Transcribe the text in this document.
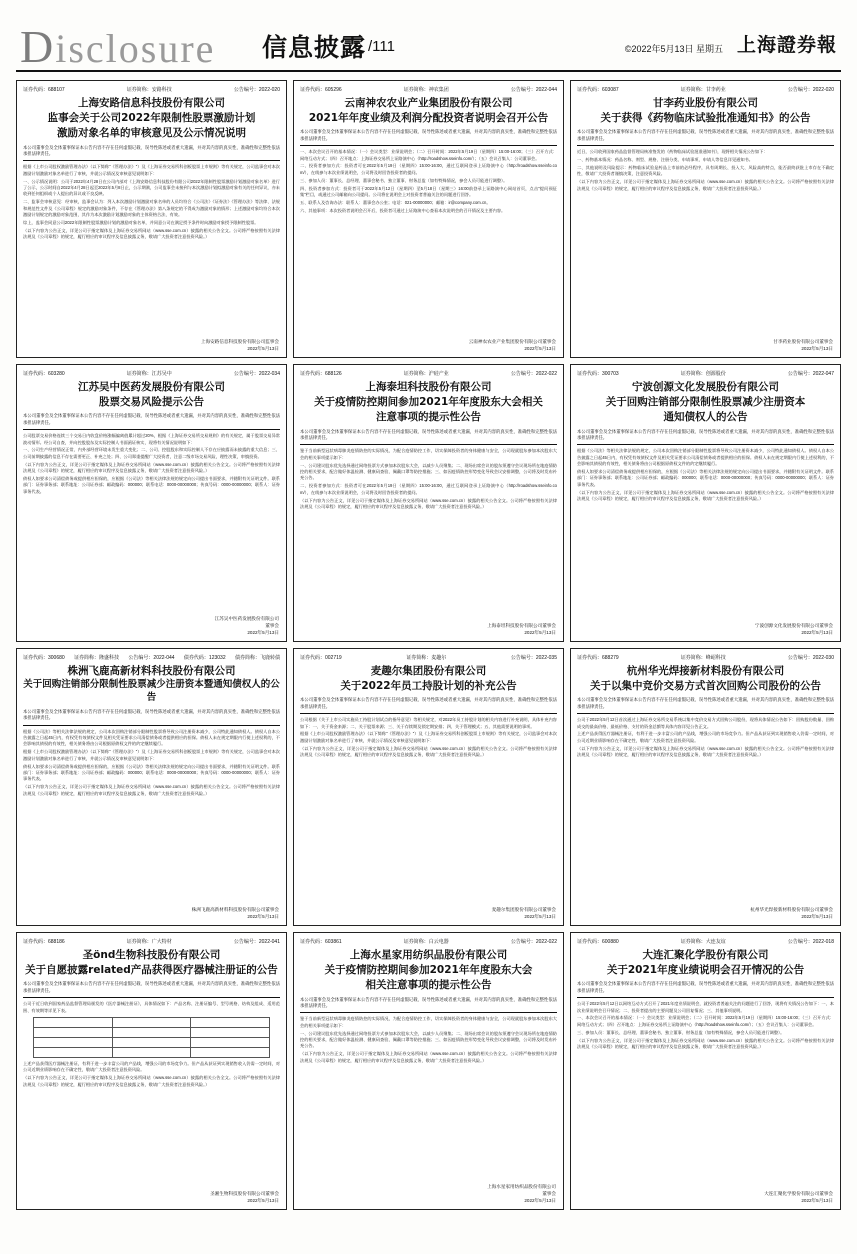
Disclosure 信息披露 /111	©2022年5月13日 星期五 上海證券報
证券代码：688107	证券简称：安路科技	公告编号：2022-020
上海安路信息科技股份有限公司
监事会关于公司2022年限制性股票激励计划
激励对象名单的审核意见及公示情况说明
本公司董事会及全体董事保证本公告内容不存在任何虚假记载、误导性陈述或者重大遗漏，并对其内容的真实性、准确性和完整性依法承担法律责任。

根据《上市公司股权激励管理办法》（以下简称"《管理办法》"）及《上海证券交易所科创板股票上市规则》等有关规定，公司监事会对本次激励计划激励对象名单进行了审核，并就公示情况及审核意见说明如下：

一、公示情况说明：公司于2022年4月28日在公司内部对《上海安路信息科技股份有限公司2022年限制性股票激励计划激励对象名单》进行了公示，公示时间自2022年4月28日起至2022年5月8日止，公示期满，公司监事会未接到与本次激励计划拟激励对象有关的任何异议，亦未收到任何组织或个人提出的异议或不良反映。

二、监事会审核意见：经审核，监事会认为：列入本次激励计划激励对象名单的人员均符合《公司法》《证券法》《管理办法》等法律、法规和规范性文件及《公司章程》规定的激励对象条件，不存在《管理办法》第八条规定的不得成为激励对象的情形；上述激励对象均符合本次激励计划规定的激励对象范围，其作为本次激励计划激励对象的主体资格合法、有效。

综上，监事会同意公司2022年限制性股票激励计划的激励对象名单，并同意公司在满足授予条件时向激励对象授予限制性股票。

（以下内容为公告正文，详见公司于指定媒体及上海证券交易所网站（www.sse.com.cn）披露的相关公告全文。公司将严格按照有关法律法规及《公司章程》的规定，履行相应的审议程序及信息披露义务，敬请广大投资者注意投资风险。）

上海安路信息科技股份有限公司监事会
2022年5月13日
证券代码：605296	证券简称：神农集团	公告编号：2022-044
云南神农农业产业集团股份有限公司
2021年年度业绩及利润分配投资者说明会召开公告
本公司董事会及全体董事保证本公告内容不存在任何虚假记载、误导性陈述或者重大遗漏，并对其内容的真实性、准确性和完整性依法承担法律责任。

一、本次会议召开的基本情况：（一）会议类型：业绩说明会；（二）召开时间：2022年5月19日（星期四）15:00-16:00；（三）召开方式：网络互动方式；（四）召开地点：上海证券交易所上证路演中心（http://roadshow.sseinfo.com/）；（五）会议召集人：公司董事会。

二、投资者参加方式：投资者可在2022年5月19日（星期四）15:00-16:00，通过互联网登录上证路演中心（http://roadshow.sseinfo.com/），在线参与本次业绩说明会，公司将及时回答投资者的提问。

三、参加人员：董事长、总经理、董事会秘书、独立董事、财务总监（如有特殊情况，参会人员可能进行调整）。

四、投资者参加方式：投资者可于2022年5月12日（星期四）至5月18日（星期三）16:00前登录上证路演中心网站首页，点击"提问预征集"栏目，或通过公司邮箱向公司提问。公司将在说明会上对投资者普遍关注的问题进行回答。

五、联系人及咨询办法：联系人：董事会办公室；电话：021-00000000；邮箱：ir@company.com.cn。

六、其他事项：本次投资者说明会召开后，投资者可通过上证路演中心查看本次说明会的召开情况及主要内容。

云南神农农业产业集团股份有限公司董事会
2022年5月13日
证券代码：603087	证券简称：甘李药业	公告编号：2022-020
甘李药业股份有限公司
关于获得《药物临床试验批准通知书》的公告
本公司董事会及全体董事保证本公告内容不存在任何虚假记载、误导性陈述或者重大遗漏，并对其内容的真实性、准确性和完整性依法承担法律责任。

近日，公司收到国家药品监督管理局核准签发的《药物临床试验批准通知书》，现将相关情况公告如下：

一、药物基本情况：药品名称、剂型、规格、注册分类、申请事项、申请人等信息详见通知书。

二、其他说明及风险提示：药物临床试验是药品上市前的必经程序，具有周期长、投入大、风险高的特点，能否最终获批上市存在不确定性，敬请广大投资者谨慎决策，注意投资风险。

（以下内容为公告正文，详见公司于指定媒体及上海证券交易所网站（www.sse.com.cn）披露的相关公告全文。公司将严格按照有关法律法规及《公司章程》的规定，履行相应的审议程序及信息披露义务，敬请广大投资者注意投资风险。）

甘李药业股份有限公司董事会
2022年5月13日
证券代码：603280	证券简称：江苏吴中	公告编号：2022-034
江苏吴中医药发展股份有限公司
股票交易风险提示公告
本公司董事会及全体董事保证本公告内容不存在任何虚假记载、误导性陈述或者重大遗漏，并对其内容的真实性、准确性和完整性依法承担法律责任。

公司股票交易价格连续三个交易日内收盘价格涨幅偏离值累计超过20%，根据《上海证券交易所交易规则》的有关规定，属于股票交易异常波动情形。经公司自查，并向控股股东及实际控制人书面函证核实，现将有关情况说明如下：

一、公司生产经营情况正常，内外部经营环境未发生重大变化；二、公司、控股股东和实际控制人不存在应披露而未披露的重大信息；三、公司前期披露的信息不存在需要更正、补充之处；四、公司郑重提醒广大投资者，注意二级市场交易风险，理性决策，审慎投资。

（以下内容为公告正文，详见公司于指定媒体及上海证券交易所网站（www.sse.com.cn）披露的相关公告全文。公司将严格按照有关法律法规及《公司章程》的规定，履行相应的审议程序及信息披露义务，敬请广大投资者注意投资风险。）

债权人如要求公司清偿债务或提供相应担保的，应根据《公司法》等相关法律法规的规定向公司提出书面要求，并随附有关证明文件。联系部门：证券事务部；联系地址：公司证券部；邮政编码：000000；联系电话：0000-00000000；传真号码：0000-00000000；联系人：证券事务代表。

江苏吴中医药发展股份有限公司
董事会
2022年5月13日
证券代码：688126	证券简称：沪硅产业	公告编号：2022-022
上海泰坦科技股份有限公司
关于疫情防控期间参加2021年年度股东大会相关
注意事项的提示性公告
本公司董事会及全体董事保证本公告内容不存在任何虚假记载、误导性陈述或者重大遗漏，并对其内容的真实性、准确性和完整性依法承担法律责任。

鉴于当前新型冠状病毒肺炎疫情防控的实际情况，为配合疫情防控工作，切实保障投资者的身体健康与安全，公司现就股东参加本次股东大会的相关事项提示如下：

一、公司建议股东优先选择通过网络投票方式参加本次股东大会，以减少人员聚集；二、现场出席会议的股东须遵守会议现场所在地疫情防控的相关要求，配合做好体温检测、健康码查验、佩戴口罩等防控措施；三、如因疫情防控形势变化导致会议安排调整，公司将及时发布补充公告。

二、投资者参加方式：投资者可在2022年5月19日（星期四）15:00-16:00，通过互联网登录上证路演中心（http://roadshow.sseinfo.com/），在线参与本次业绩说明会，公司将及时回答投资者的提问。

（以下内容为公告正文，详见公司于指定媒体及上海证券交易所网站（www.sse.com.cn）披露的相关公告全文。公司将严格按照有关法律法规及《公司章程》的规定，履行相应的审议程序及信息披露义务，敬请广大投资者注意投资风险。）

上海泰坦科技股份有限公司董事会
2022年5月13日
证券代码：300703	证券简称：创源股份	公告编号：2022-047
宁波创源文化发展股份有限公司
关于回购注销部分限制性股票减少注册资本
通知债权人的公告
本公司董事会及全体董事保证本公告内容不存在任何虚假记载、误导性陈述或者重大遗漏，并对其内容的真实性、准确性和完整性依法承担法律责任。

根据《公司法》等相关法律法规的规定，公司本次回购注销部分限制性股票将导致公司注册资本减少，公司特此通知债权人。债权人自本公告披露之日起45日内，有权凭有效债权文件及相关凭证要求公司清偿债务或者提供相应的担保。债权人未在规定期限内行使上述权利的，不会影响其债权的有效性，相关债务将由公司根据原债权文件的约定继续履行。

债权人如要求公司清偿债务或提供相应担保的，应根据《公司法》等相关法律法规的规定向公司提出书面要求，并随附有关证明文件。联系部门：证券事务部；联系地址：公司证券部；邮政编码：000000；联系电话：0000-00000000；传真号码：0000-00000000；联系人：证券事务代表。

（以下内容为公告正文，详见公司于指定媒体及上海证券交易所网站（www.sse.com.cn）披露的相关公告全文。公司将严格按照有关法律法规及《公司章程》的规定，履行相应的审议程序及信息披露义务，敬请广大投资者注意投资风险。）

宁波创源文化发展股份有限公司董事会
2022年5月13日
证券代码：300680 证券简称：隆盛科技 公告编号：2022-044 债券代码：123032 债券简称：飞鹿转债
株洲飞鹿高新材料科技股份有限公司
关于回购注销部分限制性股票减少注册资本暨通知债权人的公告
本公司董事会及全体董事保证本公告内容不存在任何虚假记载、误导性陈述或者重大遗漏，并对其内容的真实性、准确性和完整性依法承担法律责任。

根据《公司法》等相关法律法规的规定，公司本次回购注销部分限制性股票将导致公司注册资本减少，公司特此通知债权人。债权人自本公告披露之日起45日内，有权凭有效债权文件及相关凭证要求公司清偿债务或者提供相应的担保。债权人未在规定期限内行使上述权利的，不会影响其债权的有效性，相关债务将由公司根据原债权文件的约定继续履行。

根据《上市公司股权激励管理办法》（以下简称"《管理办法》"）及《上海证券交易所科创板股票上市规则》等有关规定，公司监事会对本次激励计划激励对象名单进行了审核，并就公示情况及审核意见说明如下：

债权人如要求公司清偿债务或提供相应担保的，应根据《公司法》等相关法律法规的规定向公司提出书面要求，并随附有关证明文件。联系部门：证券事务部；联系地址：公司证券部；邮政编码：000000；联系电话：0000-00000000；传真号码：0000-00000000；联系人：证券事务代表。

（以下内容为公告正文，详见公司于指定媒体及上海证券交易所网站（www.sse.com.cn）披露的相关公告全文。公司将严格按照有关法律法规及《公司章程》的规定，履行相应的审议程序及信息披露义务，敬请广大投资者注意投资风险。）

株洲飞鹿高新材料科技股份有限公司董事会
2022年5月13日
证券代码：002719	证券简称：麦趣尔	公告编号：2022-035
麦趣尔集团股份有限公司
关于2022年员工持股计划的补充公告
本公司董事会及全体董事保证本公告内容不存在任何虚假记载、误导性陈述或者重大遗漏，并对其内容的真实性、准确性和完整性依法承担法律责任。

公司根据《关于上市公司实施员工持股计划试点的指导意见》等相关规定，对2022年员工持股计划的相关内容进行补充说明，具体补充内容如下：一、关于资金来源；二、关于股票来源；三、关于存续期及锁定期安排；四、关于管理模式；五、其他需要说明的事项。

根据《上市公司股权激励管理办法》（以下简称"《管理办法》"）及《上海证券交易所科创板股票上市规则》等有关规定，公司监事会对本次激励计划激励对象名单进行了审核，并就公示情况及审核意见说明如下：

（以下内容为公告正文，详见公司于指定媒体及上海证券交易所网站（www.sse.com.cn）披露的相关公告全文。公司将严格按照有关法律法规及《公司章程》的规定，履行相应的审议程序及信息披露义务，敬请广大投资者注意投资风险。）

麦趣尔集团股份有限公司董事会
2022年5月13日
证券代码：688279	证券简称：峰岹科技	公告编号：2022-030
杭州华光焊接新材料股份有限公司
关于以集中竞价交易方式首次回购公司股份的公告
本公司董事会及全体董事保证本公告内容不存在任何虚假记载、误导性陈述或者重大遗漏，并对其内容的真实性、准确性和完整性依法承担法律责任。

公司于2022年5月12日首次通过上海证券交易所交易系统以集中竞价交易方式回购公司股份，现将具体情况公告如下：回购股份数量、回购成交的最高价格、最低价格、支付的资金总额等具体内容详见公告正文。

上述产品获得医疗器械注册证，有利于进一步丰富公司的产品线，增强公司的市场竞争力。但产品从获证到实现销售收入仍需一定时间，对公司近期业绩影响存在不确定性，敬请广大投资者注意投资风险。

（以下内容为公告正文，详见公司于指定媒体及上海证券交易所网站（www.sse.com.cn）披露的相关公告全文。公司将严格按照有关法律法规及《公司章程》的规定，履行相应的审议程序及信息披露义务，敬请广大投资者注意投资风险。）

杭州华光焊接新材料股份有限公司董事会
2022年5月13日
证券代码：688186	证券简称：广大特材	公告编号：2022-041
圣önd生物科技股份有限公司
关于自愿披露related产品获得医疗器械注册证的公告
本公司董事会及全体董事保证本公告内容不存在任何虚假记载、误导性陈述或者重大遗漏，并对其内容的真实性、准确性和完整性依法承担法律责任。

公司于近日收到国家药品监督管理局颁发的《医疗器械注册证》，具体情况如下：产品名称、注册证编号、型号规格、结构及组成、适用范围、有效期等详见下表。

上述产品获得医疗器械注册证，有利于进一步丰富公司的产品线，增强公司的市场竞争力。但产品从获证到实现销售收入仍需一定时间，对公司近期业绩影响存在不确定性，敬请广大投资者注意投资风险。

（以下内容为公告正文，详见公司于指定媒体及上海证券交易所网站（www.sse.com.cn）披露的相关公告全文。公司将严格按照有关法律法规及《公司章程》的规定，履行相应的审议程序及信息披露义务，敬请广大投资者注意投资风险。）

圣湘生物科技股份有限公司董事会
2022年5月13日
证券代码：603861	证券简称：白云电器	公告编号：2022-022
上海水星家用纺织品股份有限公司
关于疫情防控期间参加2021年年度股东大会
相关注意事项的提示性公告
本公司董事会及全体董事保证本公告内容不存在任何虚假记载、误导性陈述或者重大遗漏，并对其内容的真实性、准确性和完整性依法承担法律责任。

鉴于当前新型冠状病毒肺炎疫情防控的实际情况，为配合疫情防控工作，切实保障投资者的身体健康与安全，公司现就股东参加本次股东大会的相关事项提示如下：

一、公司建议股东优先选择通过网络投票方式参加本次股东大会，以减少人员聚集；二、现场出席会议的股东须遵守会议现场所在地疫情防控的相关要求，配合做好体温检测、健康码查验、佩戴口罩等防控措施；三、如因疫情防控形势变化导致会议安排调整，公司将及时发布补充公告。

（以下内容为公告正文，详见公司于指定媒体及上海证券交易所网站（www.sse.com.cn）披露的相关公告全文。公司将严格按照有关法律法规及《公司章程》的规定，履行相应的审议程序及信息披露义务，敬请广大投资者注意投资风险。）

上海水星家用纺织品股份有限公司
董事会
2022年5月13日
证券代码：600880	证券简称：大连友谊	公告编号：2022-018
大连汇聚化学股份有限公司
关于2021年度业绩说明会召开情况的公告
本公司董事会及全体董事保证本公告内容不存在任何虚假记载、误导性陈述或者重大遗漏，并对其内容的真实性、准确性和完整性依法承担法律责任。

公司于2022年5月12日以网络互动方式召开了2021年度业绩说明会，就投资者普遍关注的问题进行了回答，现将有关情况公告如下：一、本次业绩说明会召开情况；二、投资者提出的主要问题及公司回复情况；三、其他事项说明。

一、本次会议召开的基本情况：（一）会议类型：业绩说明会；（二）召开时间：2022年5月19日（星期四）15:00-16:00；（三）召开方式：网络互动方式；（四）召开地点：上海证券交易所上证路演中心（http://roadshow.sseinfo.com/）；（五）会议召集人：公司董事会。

三、参加人员：董事长、总经理、董事会秘书、独立董事、财务总监（如有特殊情况，参会人员可能进行调整）。

（以下内容为公告正文，详见公司于指定媒体及上海证券交易所网站（www.sse.com.cn）披露的相关公告全文。公司将严格按照有关法律法规及《公司章程》的规定，履行相应的审议程序及信息披露义务，敬请广大投资者注意投资风险。）

大连汇聚化学股份有限公司董事会
2022年5月13日
